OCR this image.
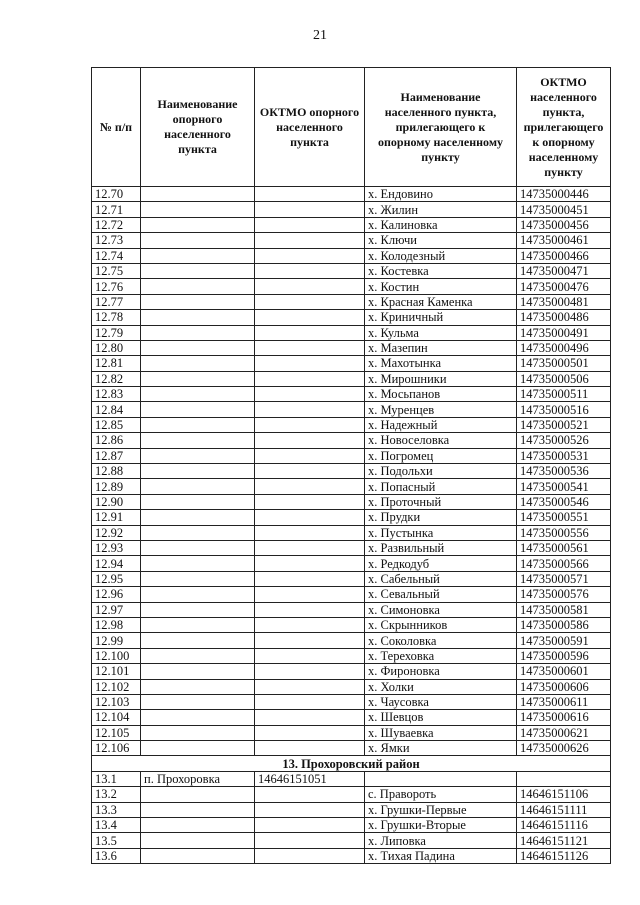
21
№ п/п	Наименование опорного населенного пункта	ОКТМО опорного населенного пункта	Наименование населенного пункта, прилегающего к опорному населенному пункту	ОКТМО населенного пункта, прилегающего к опорному населенному пункту
12.70			х. Ендовино	14735000446
12.71			х. Жилин	14735000451
12.72			х. Калиновка	14735000456
12.73			х. Ключи	14735000461
12.74			х. Колодезный	14735000466
12.75			х. Костевка	14735000471
12.76			х. Костин	14735000476
12.77			х. Красная Каменка	14735000481
12.78			х. Криничный	14735000486
12.79			х. Кульма	14735000491
12.80			х. Мазепин	14735000496
12.81			х. Махотынка	14735000501
12.82			х. Мирошники	14735000506
12.83			х. Мосьпанов	14735000511
12.84			х. Муренцев	14735000516
12.85			х. Надежный	14735000521
12.86			х. Новоселовка	14735000526
12.87			х. Погромец	14735000531
12.88			х. Подольхи	14735000536
12.89			х. Попасный	14735000541
12.90			х. Проточный	14735000546
12.91			х. Прудки	14735000551
12.92			х. Пустынка	14735000556
12.93			х. Развильный	14735000561
12.94			х. Редкодуб	14735000566
12.95			х. Сабельный	14735000571
12.96			х. Севальный	14735000576
12.97			х. Симоновка	14735000581
12.98			х. Скрынников	14735000586
12.99			х. Соколовка	14735000591
12.100			х. Тереховка	14735000596
12.101			х. Фироновка	14735000601
12.102			х. Холки	14735000606
12.103			х. Чаусовка	14735000611
12.104			х. Шевцов	14735000616
12.105			х. Шуваевка	14735000621
12.106			х. Ямки	14735000626
13. Прохоровский район				
13.1	п. Прохоровка	14646151051		
13.2			с. Правороть	14646151106
13.3			х. Грушки-Первые	14646151111
13.4			х. Грушки-Вторые	14646151116
13.5			х. Липовка	14646151121
13.6			х. Тихая Падина	14646151126
